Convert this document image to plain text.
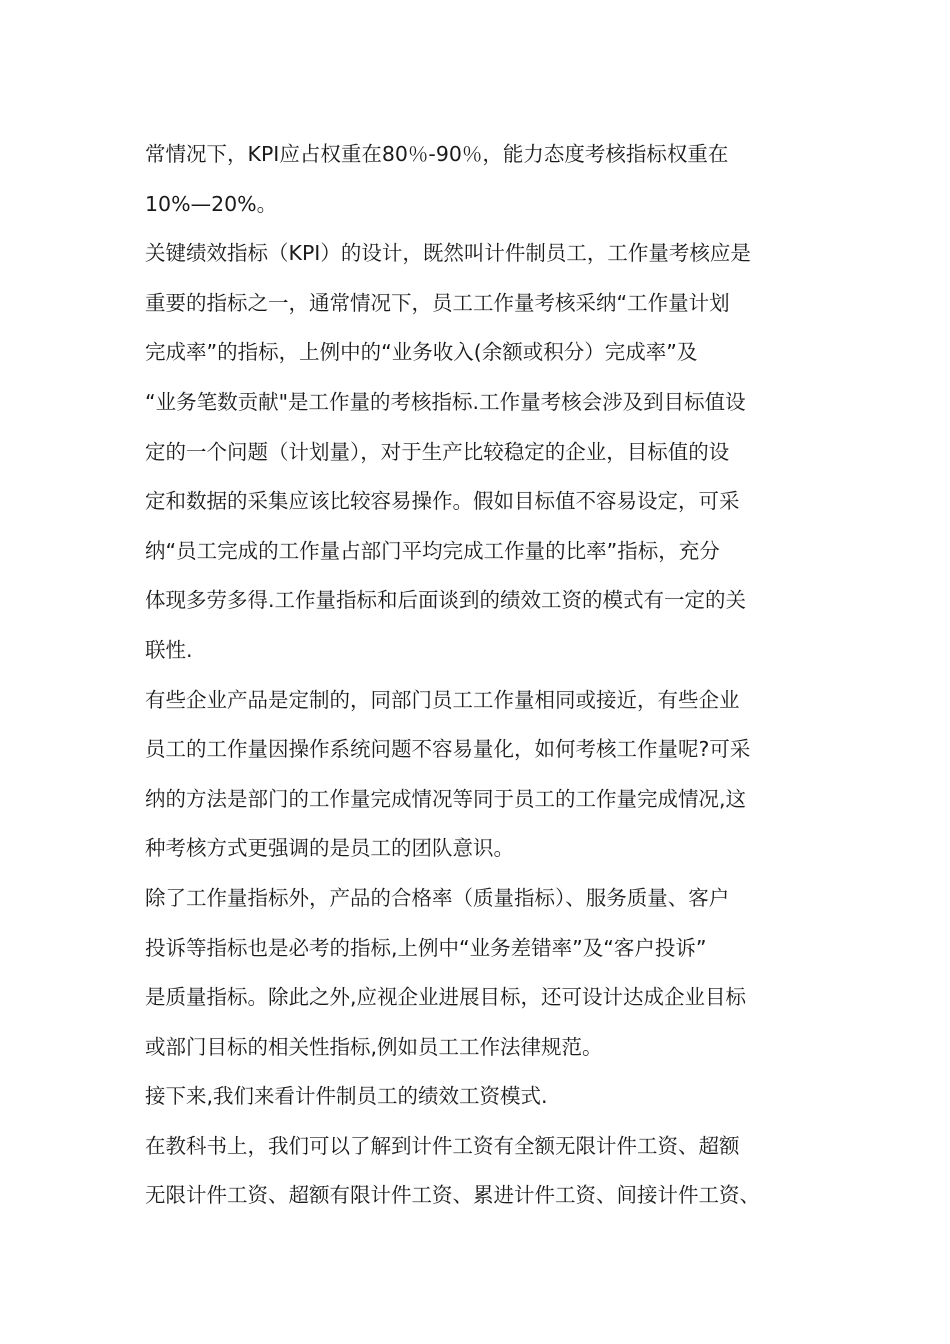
常情况下，KPI应占权重在80％-90％，能力态度考核指标权重在
10%—20%。
关键绩效指标（KPI）的设计，既然叫计件制员工，工作量考核应是
重要的指标之一，通常情况下，员工工作量考核采纳“工作量计划
完成率”的指标，上例中的“业务收入(余额或积分）完成率”及
“业务笔数贡献"是工作量的考核指标.工作量考核会涉及到目标值设
定的一个问题（计划量），对于生产比较稳定的企业，目标值的设
定和数据的采集应该比较容易操作。假如目标值不容易设定，可采
纳“员工完成的工作量占部门平均完成工作量的比率”指标，充分
体现多劳多得.工作量指标和后面谈到的绩效工资的模式有一定的关
联性.
有些企业产品是定制的，同部门员工工作量相同或接近，有些企业
员工的工作量因操作系统问题不容易量化，如何考核工作量呢?可采
纳的方法是部门的工作量完成情况等同于员工的工作量完成情况,这
种考核方式更强调的是员工的团队意识。
除了工作量指标外，产品的合格率（质量指标）、服务质量、客户
投诉等指标也是必考的指标,上例中“业务差错率”及“客户投诉”
是质量指标。除此之外,应视企业进展目标，还可设计达成企业目标
或部门目标的相关性指标,例如员工工作法律规范。
接下来,我们来看计件制员工的绩效工资模式.
在教科书上，我们可以了解到计件工资有全额无限计件工资、超额
无限计件工资、超额有限计件工资、累进计件工资、间接计件工资、
